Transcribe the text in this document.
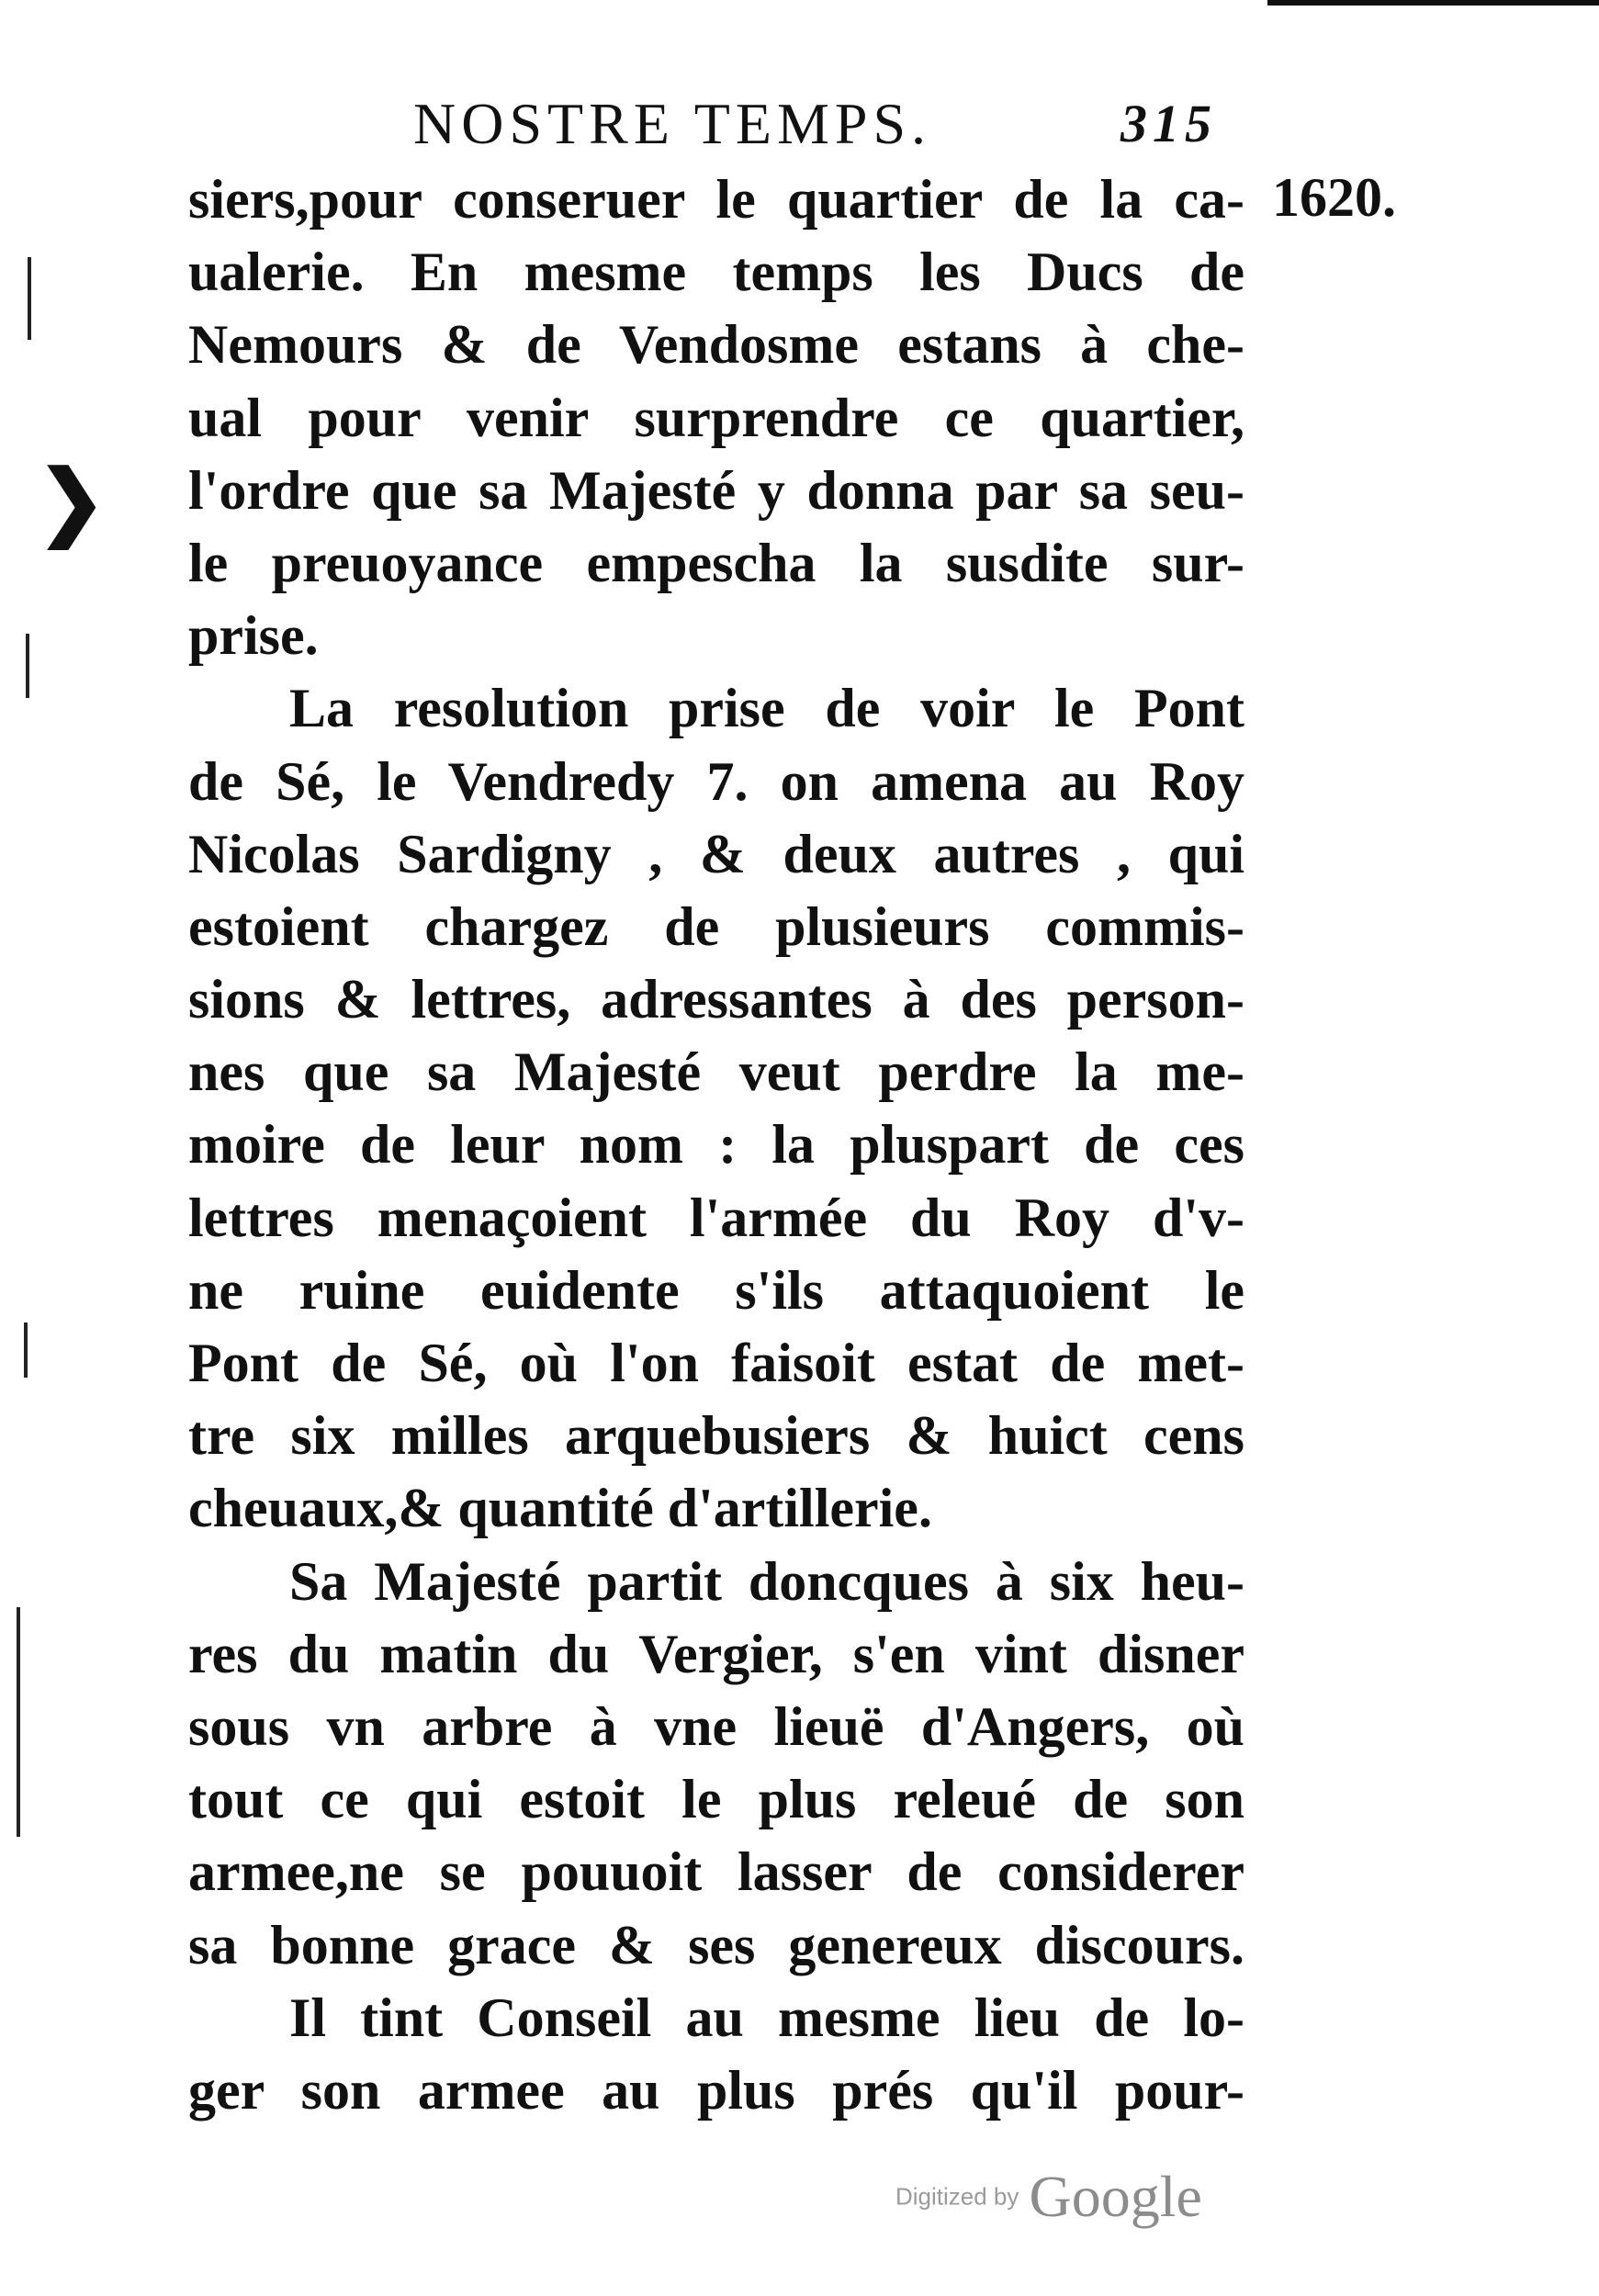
❯
NOSTRE TEMPS.	315
1620.
siers,pour conseruer le quartier de la ca-
ualerie. En mesme temps les Ducs de
Nemours & de Vendosme estans à che-
ual pour venir surprendre ce quartier,
l'ordre que sa Majesté y donna par sa seu-
le preuoyance empescha la susdite sur-
prise.
La resolution prise de voir le Pont
de Sé, le Vendredy 7. on amena au Roy
Nicolas Sardigny , & deux autres , qui
estoient chargez de plusieurs commis-
sions & lettres, adressantes à des person-
nes que sa Majesté veut perdre la me-
moire de leur nom : la pluspart de ces
lettres menaçoient l'armée du Roy d'v-
ne ruine euidente s'ils attaquoient le
Pont de Sé, où l'on faisoit estat de met-
tre six milles arquebusiers & huict cens
cheuaux,& quantité d'artillerie.
Sa Majesté partit doncques à six heu-
res du matin du Vergier, s'en vint disner
sous vn arbre à vne lieuë d'Angers, où
tout ce qui estoit le plus releué de son
armee,ne se pouuoit lasser de considerer
sa bonne grace & ses genereux discours.
Il tint Conseil au mesme lieu de lo-
ger son armee au plus prés qu'il pour-
Digitized by Google
